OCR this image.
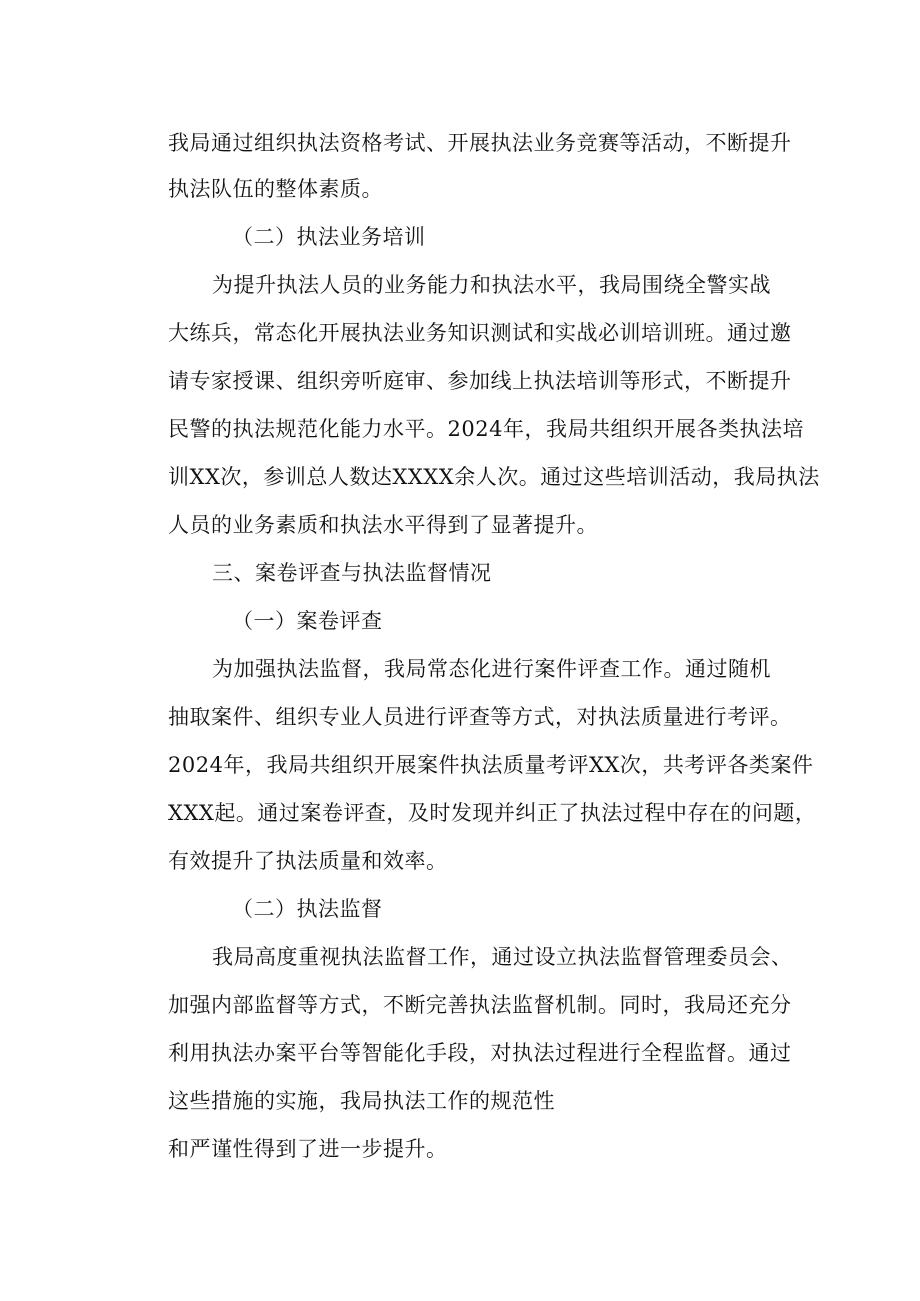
我局通过组织执法资格考试、开展执法业务竞赛等活动，不断提升
执法队伍的整体素质。
（二）执法业务培训
为提升执法人员的业务能力和执法水平，我局围绕全警实战
大练兵，常态化开展执法业务知识测试和实战必训培训班。通过邀
请专家授课、组织旁听庭审、参加线上执法培训等形式，不断提升
民警的执法规范化能力水平。2024年，我局共组织开展各类执法培
训XX次，参训总人数达XXXX余人次。通过这些培训活动，我局执法
人员的业务素质和执法水平得到了显著提升。
三、案卷评查与执法监督情况
（一）案卷评查
为加强执法监督，我局常态化进行案件评查工作。通过随机
抽取案件、组织专业人员进行评查等方式，对执法质量进行考评。
2024年，我局共组织开展案件执法质量考评XX次，共考评各类案件
XXX起。通过案卷评查，及时发现并纠正了执法过程中存在的问题，
有效提升了执法质量和效率。
（二）执法监督
我局高度重视执法监督工作，通过设立执法监督管理委员会、
加强内部监督等方式，不断完善执法监督机制。同时，我局还充分
利用执法办案平台等智能化手段，对执法过程进行全程监督。通过
这些措施的实施，我局执法工作的规范性
和严谨性得到了进一步提升。
